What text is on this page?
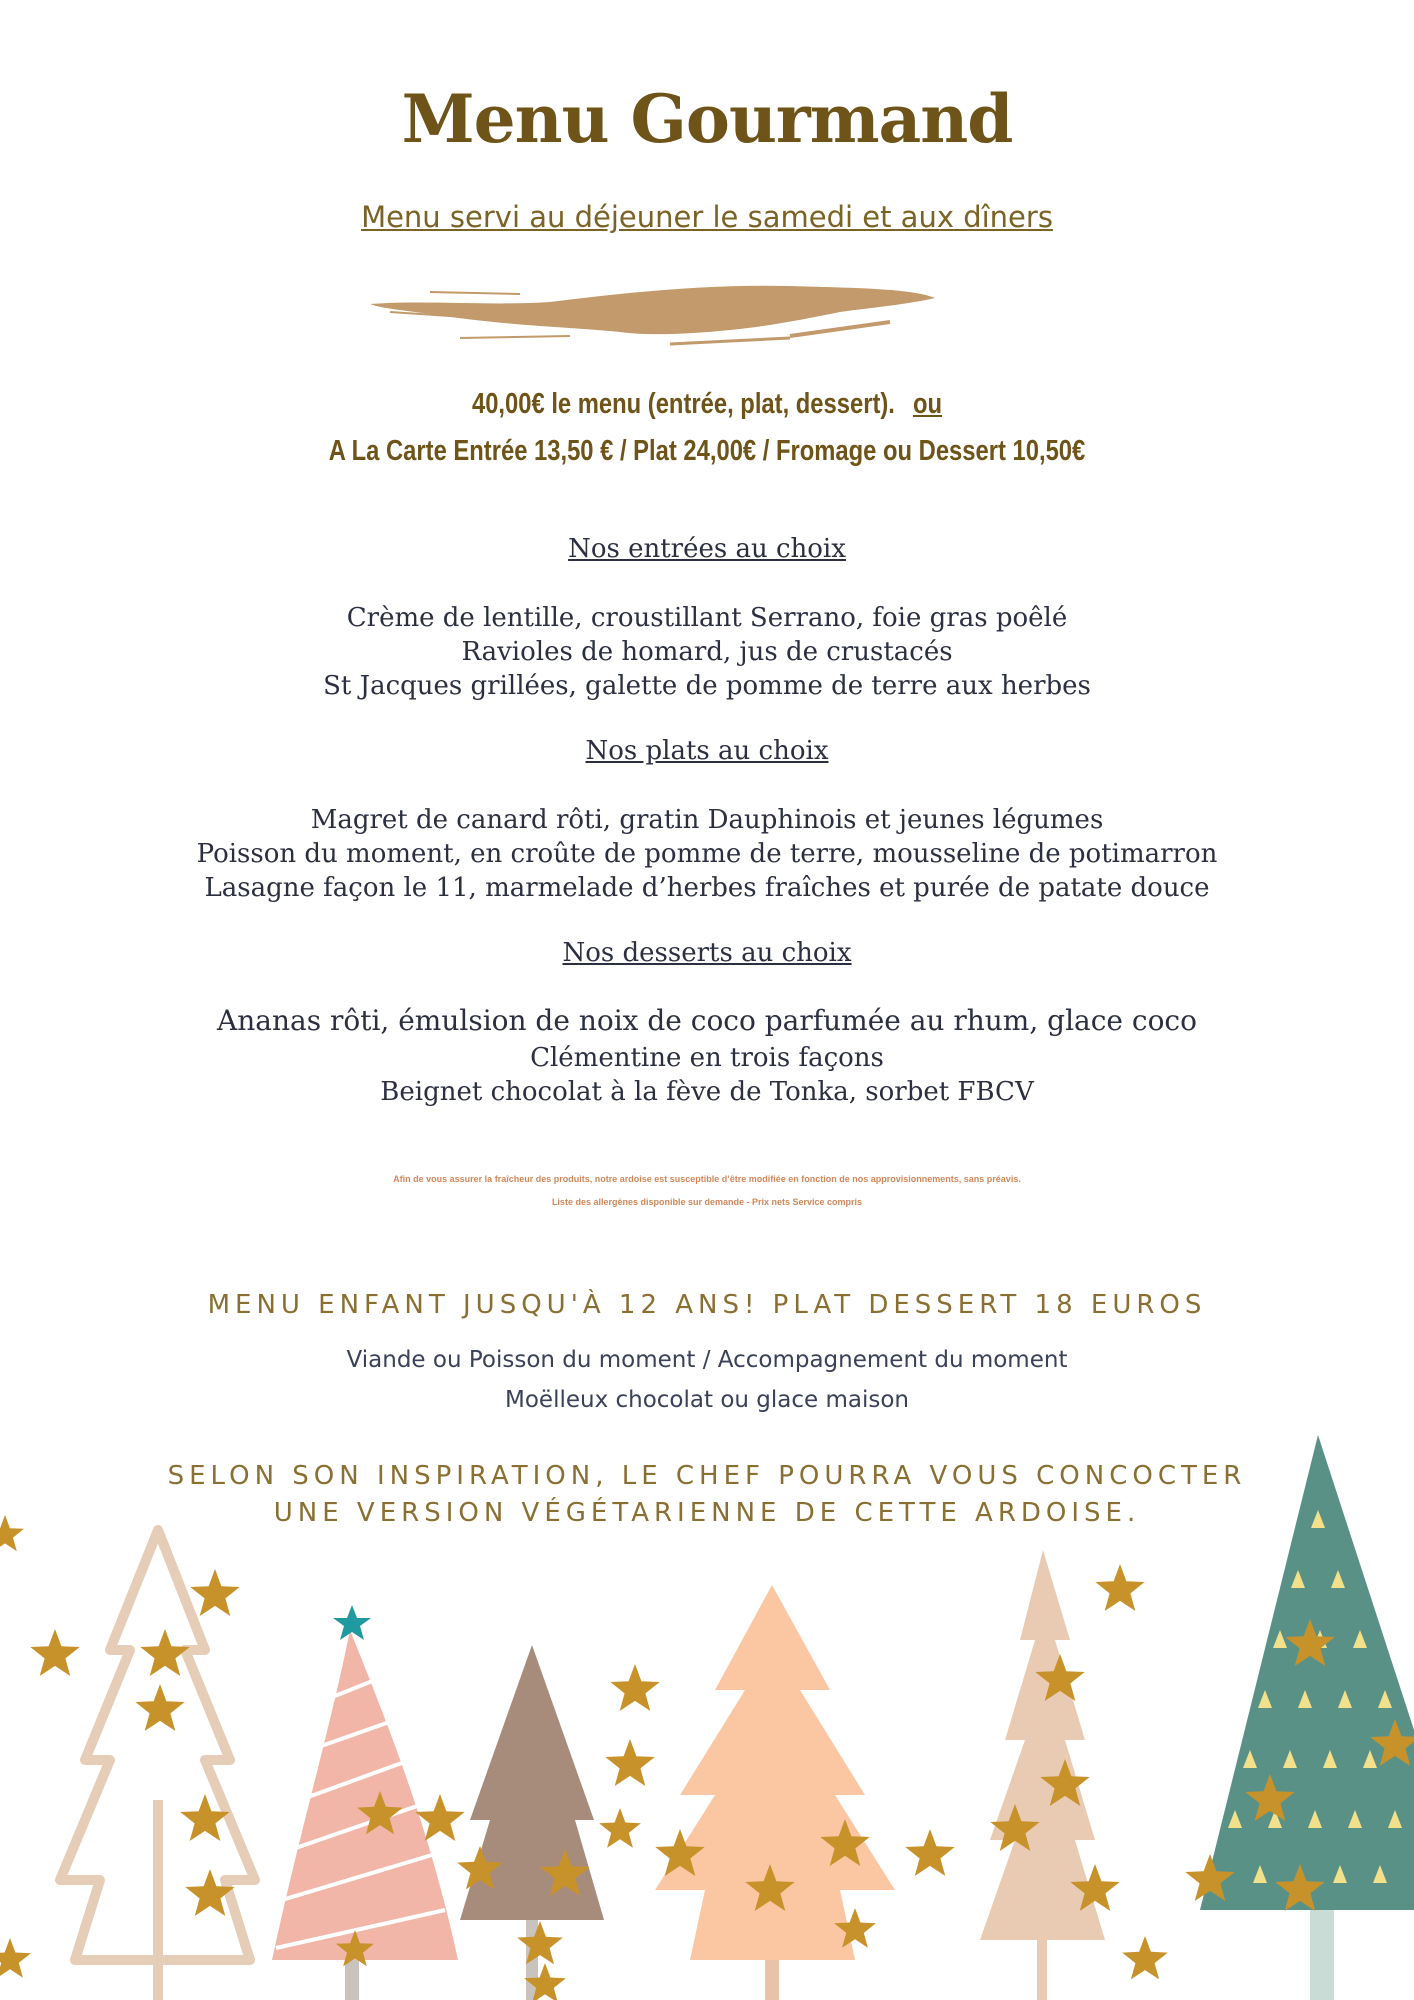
Menu Gourmand
Menu servi au déjeuner le samedi et aux dîners
40,00€ le menu (entrée, plat, dessert). ou
A La Carte Entrée 13,50 € / Plat 24,00€ / Fromage ou Dessert 10,50€
Nos entrées au choix
Crème de lentille, croustillant Serrano, foie gras poêlé
Ravioles de homard, jus de crustacés
St Jacques grillées, galette de pomme de terre aux herbes
Nos plats au choix
Magret de canard rôti, gratin Dauphinois et jeunes légumes
Poisson du moment, en croûte de pomme de terre, mousseline de potimarron
Lasagne façon le 11, marmelade d’herbes fraîches et purée de patate douce
Nos desserts au choix
Ananas rôti, émulsion de noix de coco parfumée au rhum, glace coco
Clémentine en trois façons
Beignet chocolat à la fève de Tonka, sorbet FBCV
Afin de vous assurer la fraîcheur des produits, notre ardoise est susceptible d’être modifiée en fonction de nos approvisionnements, sans préavis.
Liste des allergènes disponible sur demande - Prix nets Service compris
MENU ENFANT JUSQU'À 12 ANS! PLAT DESSERT 18 EUROS
Viande ou Poisson du moment / Accompagnement du moment
Moëlleux chocolat ou glace maison
SELON SON INSPIRATION, LE CHEF POURRA VOUS CONCOCTER
UNE VERSION VÉGÉTARIENNE DE CETTE ARDOISE.
